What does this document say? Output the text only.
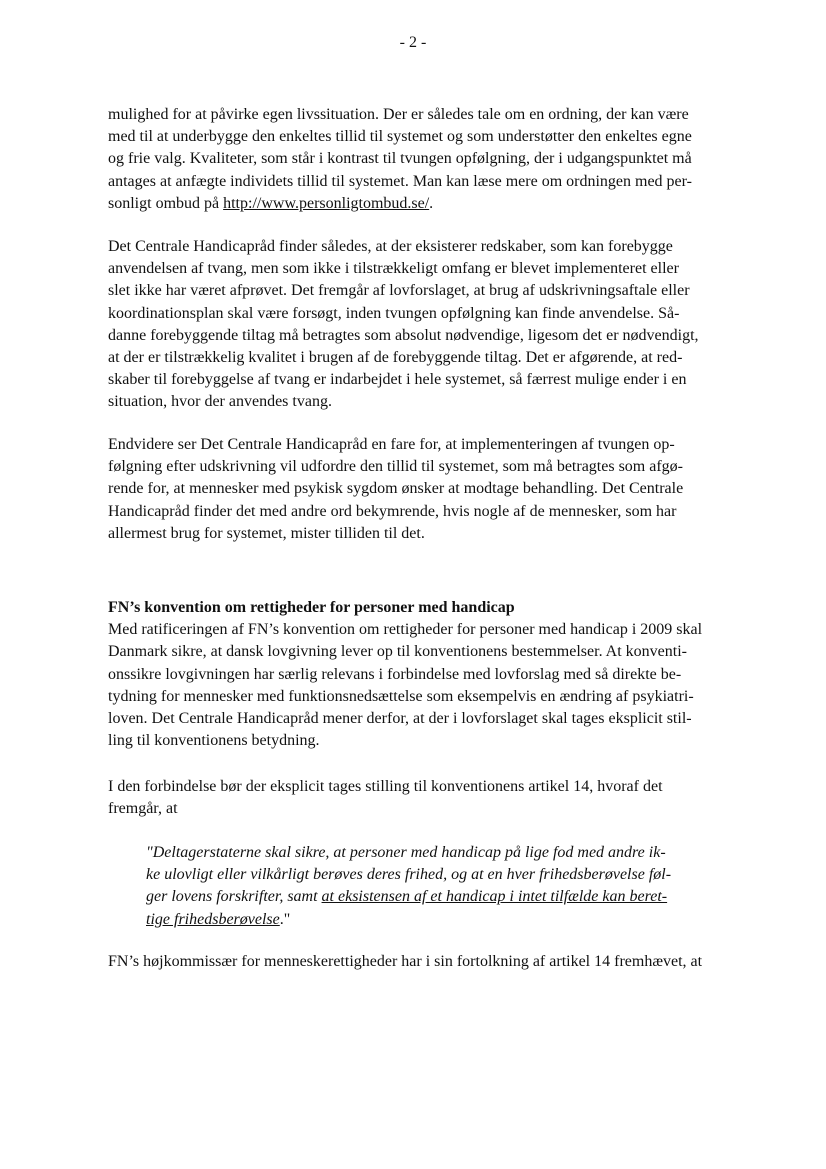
- 2 -
mulighed for at påvirke egen livssituation. Der er således tale om en ordning, der kan være
med til at underbygge den enkeltes tillid til systemet og som understøtter den enkeltes egne
og frie valg. Kvaliteter, som står i kontrast til tvungen opfølgning, der i udgangspunktet må
antages at anfægte individets tillid til systemet. Man kan læse mere om ordningen med per-
sonligt ombud på http://www.personligtombud.se/.
Det Centrale Handicapråd finder således, at der eksisterer redskaber, som kan forebygge
anvendelsen af tvang, men som ikke i tilstrækkeligt omfang er blevet implementeret eller
slet ikke har været afprøvet. Det fremgår af lovforslaget, at brug af udskrivningsaftale eller
koordinationsplan skal være forsøgt, inden tvungen opfølgning kan finde anvendelse. Så-
danne forebyggende tiltag må betragtes som absolut nødvendige, ligesom det er nødvendigt,
at der er tilstrækkelig kvalitet i brugen af de forebyggende tiltag. Det er afgørende, at red-
skaber til forebyggelse af tvang er indarbejdet i hele systemet, så færrest mulige ender i en
situation, hvor der anvendes tvang.
Endvidere ser Det Centrale Handicapråd en fare for, at implementeringen af tvungen op-
følgning efter udskrivning vil udfordre den tillid til systemet, som må betragtes som afgø-
rende for, at mennesker med psykisk sygdom ønsker at modtage behandling. Det Centrale
Handicapråd finder det med andre ord bekymrende, hvis nogle af de mennesker, som har
allermest brug for systemet, mister tilliden til det.
FN’s konvention om rettigheder for personer med handicap
Med ratificeringen af FN’s konvention om rettigheder for personer med handicap i 2009 skal
Danmark sikre, at dansk lovgivning lever op til konventionens bestemmelser. At konventi-
onssikre lovgivningen har særlig relevans i forbindelse med lovforslag med så direkte be-
tydning for mennesker med funktionsnedsættelse som eksempelvis en ændring af psykiatri-
loven. Det Centrale Handicapråd mener derfor, at der i lovforslaget skal tages eksplicit stil-
ling til konventionens betydning.
I den forbindelse bør der eksplicit tages stilling til konventionens artikel 14, hvoraf det
fremgår, at
"Deltagerstaterne skal sikre, at personer med handicap på lige fod med andre ik-
ke ulovligt eller vilkårligt berøves deres frihed, og at en hver frihedsberøvelse føl-
ger lovens forskrifter, samt at eksistensen af et handicap i intet tilfælde kan beret-
tige frihedsberøvelse."
FN’s højkommissær for menneskerettigheder har i sin fortolkning af artikel 14 fremhævet, at
